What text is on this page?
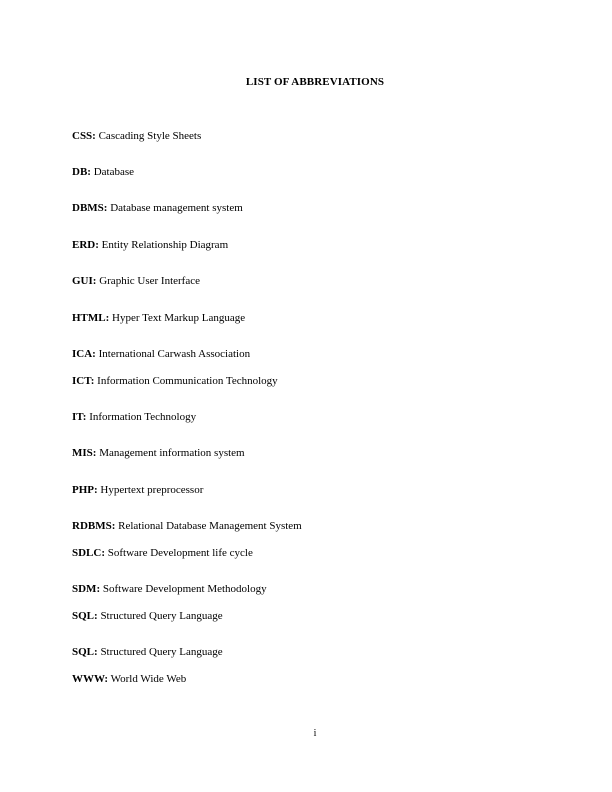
LIST OF ABBREVIATIONS
CSS: Cascading Style Sheets
DB: Database
DBMS: Database management system
ERD: Entity Relationship Diagram
GUI: Graphic User Interface
HTML: Hyper Text Markup Language
ICA: International Carwash Association
ICT: Information Communication Technology
IT: Information Technology
MIS: Management information system
PHP: Hypertext preprocessor
RDBMS: Relational Database Management System
SDLC: Software Development life cycle
SDM: Software Development Methodology
SQL: Structured Query Language
SQL: Structured Query Language
WWW: World Wide Web
i
